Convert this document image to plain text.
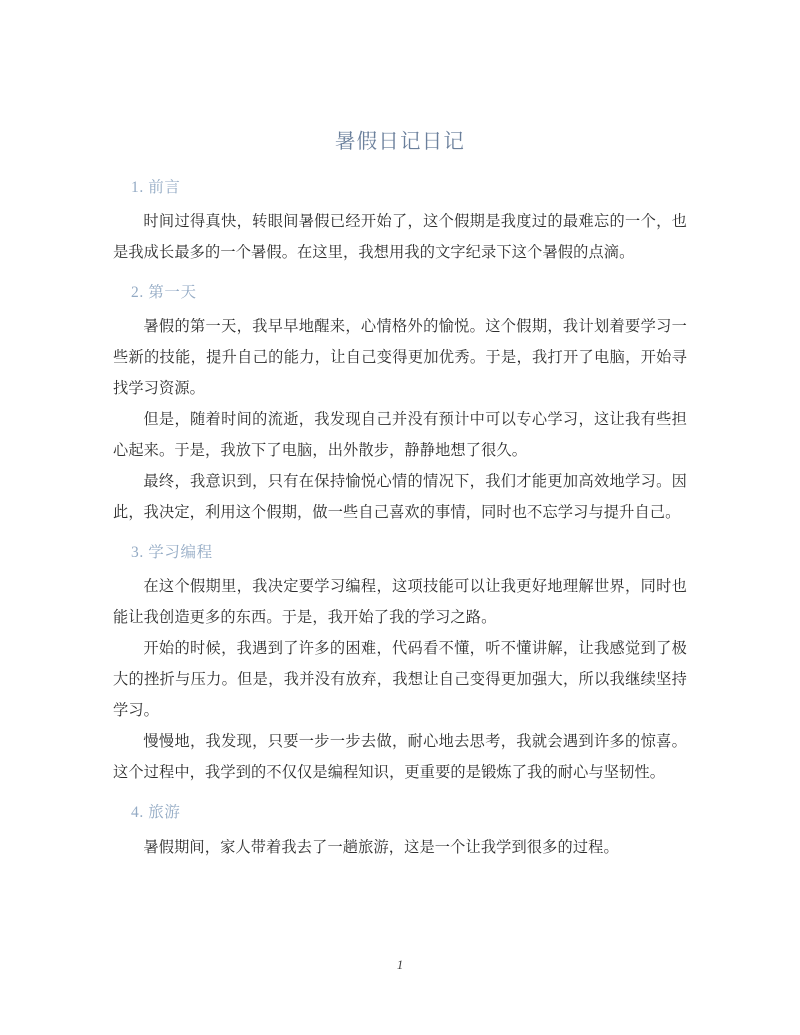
暑假日记日记
1. 前言

时间过得真快，转眼间暑假已经开始了，这个假期是我度过的最难忘的一个，也是我成长最多的一个暑假。在这里，我想用我的文字纪录下这个暑假的点滴。

2. 第一天

暑假的第一天，我早早地醒来，心情格外的愉悦。这个假期，我计划着要学习一些新的技能，提升自己的能力，让自己变得更加优秀。于是，我打开了电脑，开始寻找学习资源。

但是，随着时间的流逝，我发现自己并没有预计中可以专心学习，这让我有些担心起来。于是，我放下了电脑，出外散步，静静地想了很久。

最终，我意识到，只有在保持愉悦心情的情况下，我们才能更加高效地学习。因此，我决定，利用这个假期，做一些自己喜欢的事情，同时也不忘学习与提升自己。

3. 学习编程

在这个假期里，我决定要学习编程，这项技能可以让我更好地理解世界，同时也能让我创造更多的东西。于是，我开始了我的学习之路。

开始的时候，我遇到了许多的困难，代码看不懂，听不懂讲解，让我感觉到了极大的挫折与压力。但是，我并没有放弃，我想让自己变得更加强大，所以我继续坚持学习。

慢慢地，我发现，只要一步一步去做，耐心地去思考，我就会遇到许多的惊喜。这个过程中，我学到的不仅仅是编程知识，更重要的是锻炼了我的耐心与坚韧性。

4. 旅游

暑假期间，家人带着我去了一趟旅游，这是一个让我学到很多的过程。

1
